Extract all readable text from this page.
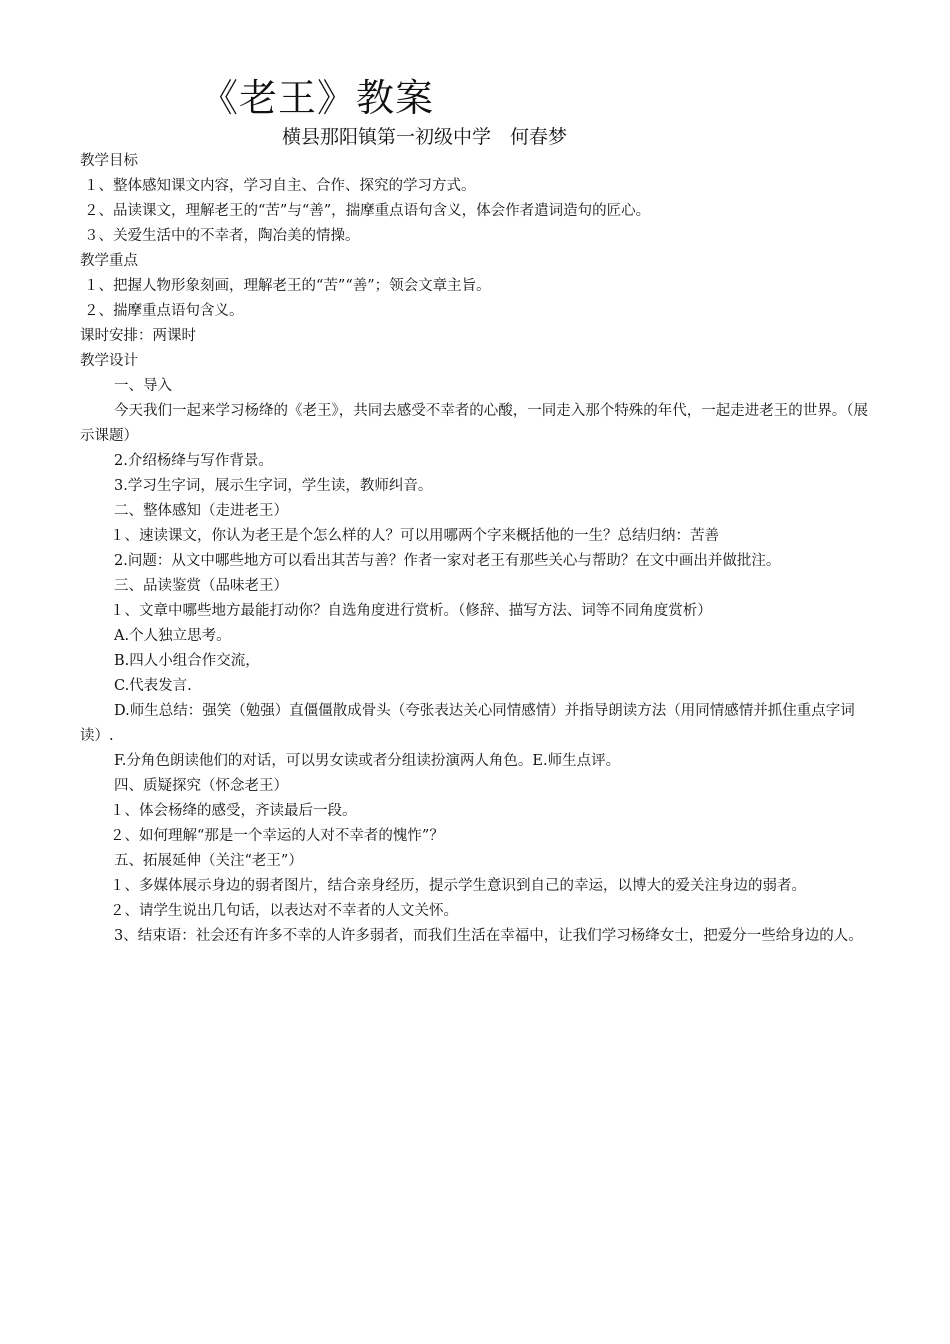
《老王》教案
横县那阳镇第一初级中学　何春梦

教学目标

１、整体感知课文内容，学习自主、合作、探究的学习方式。

２、品读课文，理解老王的“苦”与“善”，揣摩重点语句含义，体会作者遣词造句的匠心。

３、关爱生活中的不幸者，陶冶美的情操。

教学重点

１、把握人物形象刻画，理解老王的“苦”“善”；领会文章主旨。

２、揣摩重点语句含义。

课时安排：两课时

教学设计

一、导入

今天我们一起来学习杨绛的《老王》，共同去感受不幸者的心酸，一同走入那个特殊的年代，一起走进老王的世界。（展示课题）

2.介绍杨绛与写作背景。

3.学习生字词，展示生字词，学生读，教师纠音。

二、整体感知（走进老王）

１、速读课文，你认为老王是个怎么样的人？可以用哪两个字来概括他的一生？总结归纳：苦善

2.问题：从文中哪些地方可以看出其苦与善？作者一家对老王有那些关心与帮助？在文中画出并做批注。

三、品读鉴赏（品味老王）

１、文章中哪些地方最能打动你？自选角度进行赏析。（修辞、描写方法、词等不同角度赏析）

A.个人独立思考。

B.四人小组合作交流，

C.代表发言.

D.师生总结：强笑（勉强）直僵僵散成骨头（夸张表达关心同情感情）并指导朗读方法（用同情感情并抓住重点字词读）.

F.分角色朗读他们的对话，可以男女读或者分组读扮演两人角色。E.师生点评。

四、质疑探究（怀念老王）

１、体会杨绛的感受，齐读最后一段。

２、如何理解“那是一个幸运的人对不幸者的愧怍”？

五、拓展延伸（关注“老王”）

１、多媒体展示身边的弱者图片，结合亲身经历，提示学生意识到自己的幸运，以博大的爱关注身边的弱者。

２、请学生说出几句话，以表达对不幸者的人文关怀。

3、结束语：社会还有许多不幸的人许多弱者，而我们生活在幸福中，让我们学习杨绛女士，把爱分一些给身边的人。
